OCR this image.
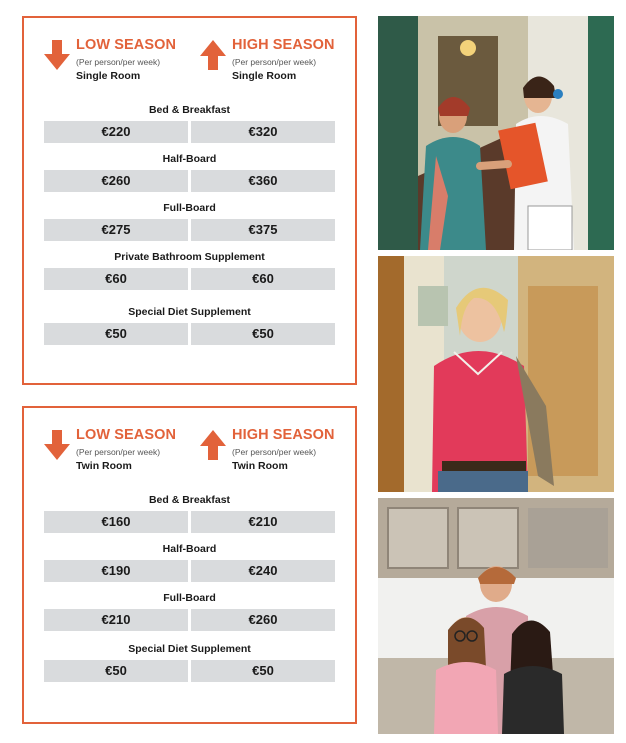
LOW SEASON
(Per person/per week)
Single Room
HIGH SEASON
(Per person/per week)
Single Room
Bed & Breakfast
€220	€320
Half-Board
€260	€360
Full-Board
€275	€375
Private Bathroom Supplement
€60	€60
Special Diet Supplement
€50	€50
LOW SEASON
(Per person/per week)
Twin Room
HIGH SEASON
(Per person/per week)
Twin Room
Bed & Breakfast
€160	€210
Half-Board
€190	€240
Full-Board
€210	€260
Special Diet Supplement
€50	€50
